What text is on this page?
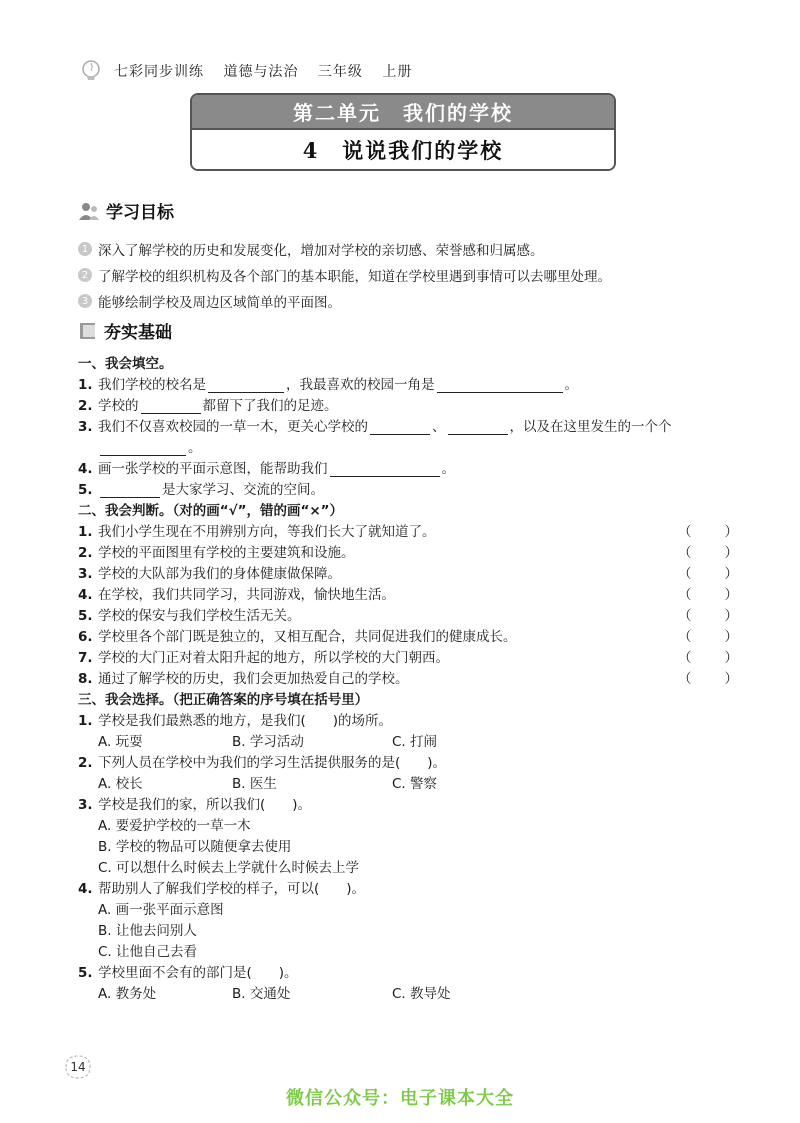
七彩同步训练 道德与法治 三年级 上册
第二单元　我们的学校
4　说说我们的学校
学习目标
1 深入了解学校的历史和发展变化，增加对学校的亲切感、荣誉感和归属感。
2 了解学校的组织机构及各个部门的基本职能，知道在学校里遇到事情可以去哪里处理。
3 能够绘制学校及周边区域简单的平面图。
夯实基础
一、我会填空。
1. 我们学校的校名是	，我最喜欢的校园一角是	。
2. 学校的	都留下了我们的足迹。
3. 我们不仅喜欢校园的一草一木，更关心学校的	、	，以及在这里发生的一个个
。
4. 画一张学校的平面示意图，能帮助我们	。
5.	是大家学习、交流的空间。
二、我会判断。（对的画“√”，错的画“×”）
1. 我们小学生现在不用辨别方向，等我们长大了就知道了。	（ ）
2. 学校的平面图里有学校的主要建筑和设施。	（ ）
3. 学校的大队部为我们的身体健康做保障。	（ ）
4. 在学校，我们共同学习，共同游戏，愉快地生活。	（ ）
5. 学校的保安与我们学校生活无关。	（ ）
6. 学校里各个部门既是独立的，又相互配合，共同促进我们的健康成长。	（ ）
7. 学校的大门正对着太阳升起的地方，所以学校的大门朝西。	（ ）
8. 通过了解学校的历史，我们会更加热爱自己的学校。	（ ）
三、我会选择。（把正确答案的序号填在括号里）
1. 学校是我们最熟悉的地方，是我们(　　)的场所。
A. 玩耍	B. 学习活动	C. 打闹
2. 下列人员在学校中为我们的学习生活提供服务的是(　　)。
A. 校长	B. 医生	C. 警察
3. 学校是我们的家，所以我们(　　)。
A. 要爱护学校的一草一木
B. 学校的物品可以随便拿去使用
C. 可以想什么时候去上学就什么时候去上学
4. 帮助别人了解我们学校的样子，可以(　　)。
A. 画一张平面示意图
B. 让他去问别人
C. 让他自己去看
5. 学校里面不会有的部门是(　　)。
A. 教务处	B. 交通处	C. 教导处
14
微信公众号：电子课本大全
